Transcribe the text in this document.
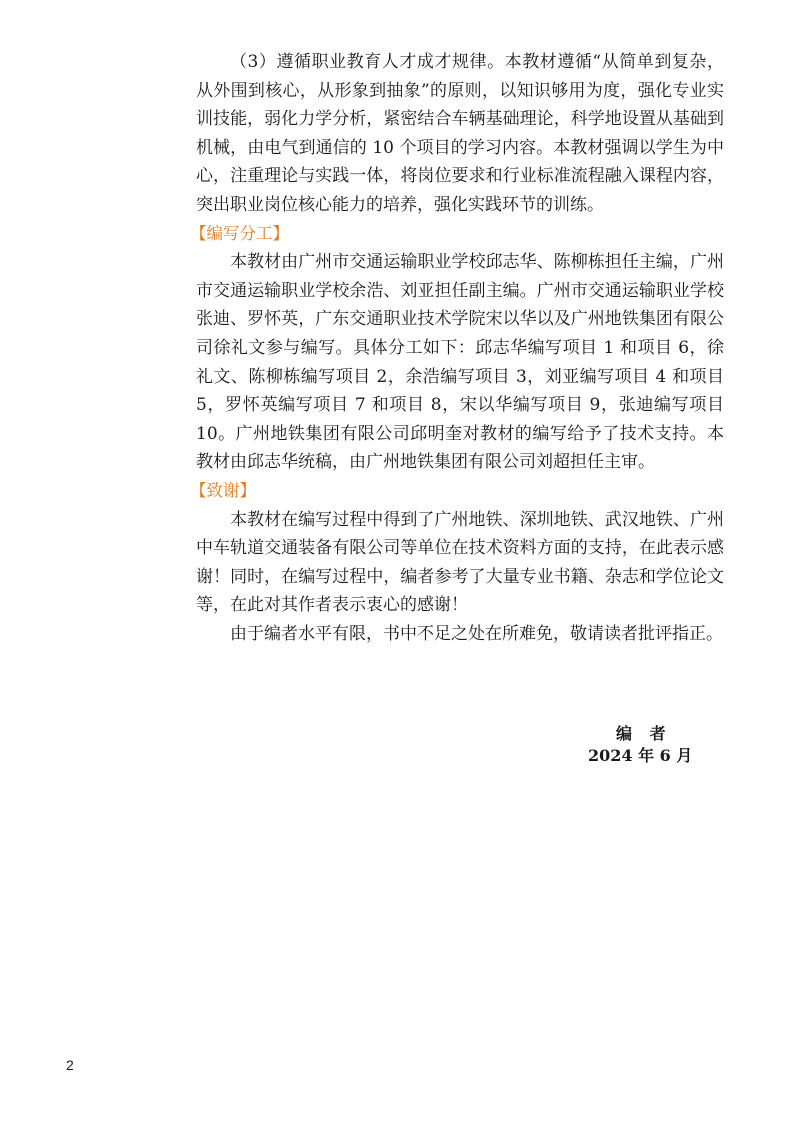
（3）遵循职业教育人才成才规律。本教材遵循“从简单到复杂，从外围到核心，从形象到抽象”的原则，以知识够用为度，强化专业实训技能，弱化力学分析，紧密结合车辆基础理论，科学地设置从基础到机械，由电气到通信的 10 个项目的学习内容。本教材强调以学生为中心，注重理论与实践一体，将岗位要求和行业标准流程融入课程内容，突出职业岗位核心能力的培养，强化实践环节的训练。

【编写分工】

本教材由广州市交通运输职业学校邱志华、陈柳栋担任主编，广州市交通运输职业学校余浩、刘亚担任副主编。广州市交通运输职业学校张迪、罗怀英，广东交通职业技术学院宋以华以及广州地铁集团有限公司徐礼文参与编写。具体分工如下：邱志华编写项目 1 和项目 6，徐礼文、陈柳栋编写项目 2，余浩编写项目 3，刘亚编写项目 4 和项目 5，罗怀英编写项目 7 和项目 8，宋以华编写项目 9，张迪编写项目 10。广州地铁集团有限公司邱明奎对教材的编写给予了技术支持。本教材由邱志华统稿，由广州地铁集团有限公司刘超担任主审。

【致谢】

本教材在编写过程中得到了广州地铁、深圳地铁、武汉地铁、广州中车轨道交通装备有限公司等单位在技术资料方面的支持，在此表示感谢！同时，在编写过程中，编者参考了大量专业书籍、杂志和学位论文等，在此对其作者表示衷心的感谢！

由于编者水平有限，书中不足之处在所难免，敬请读者批评指正。

编　者
2024 年 6 月
2
